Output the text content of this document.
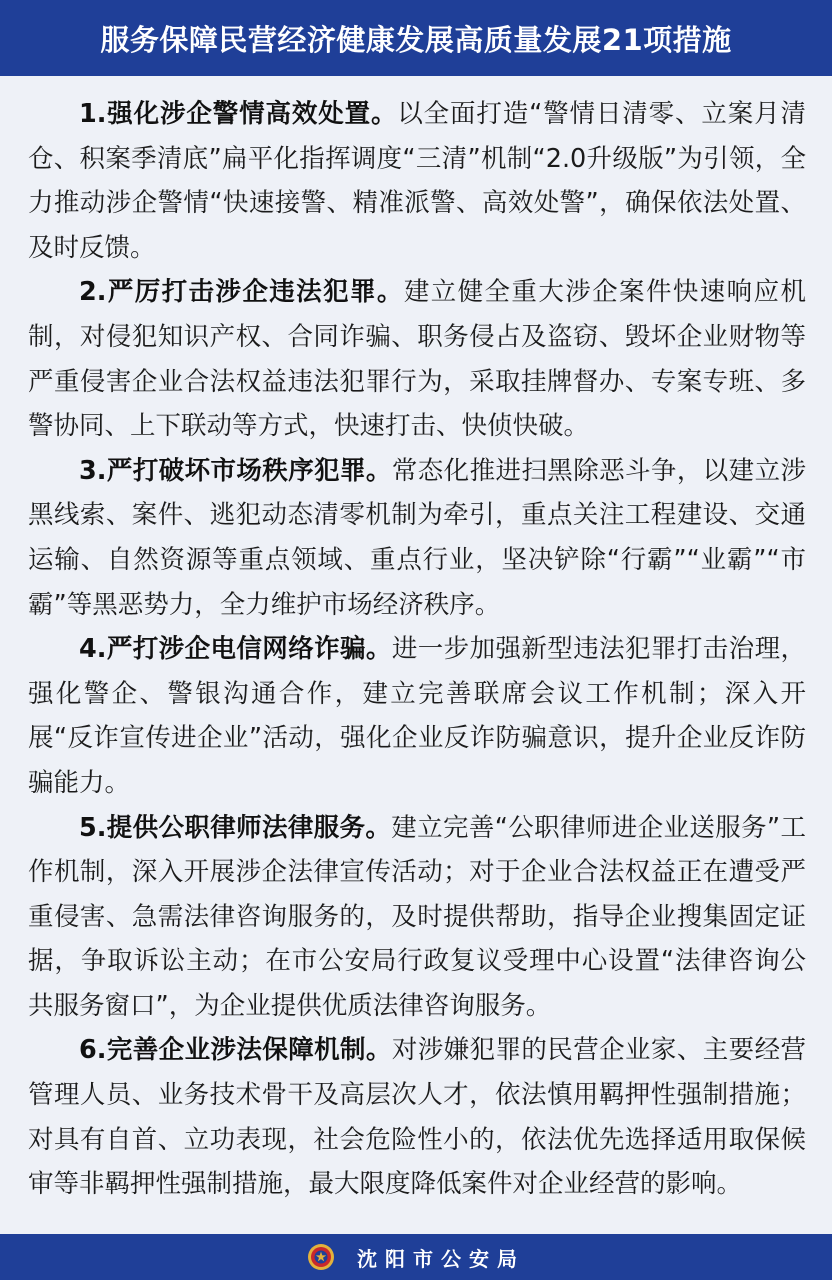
服务保障民营经济健康发展高质量发展21项措施

1.强化涉企警情高效处置。以全面打造“警情日清零、立案月清仓、积案季清底”扁平化指挥调度“三清”机制“2.0升级版”为引领，全力推动涉企警情“快速接警、精准派警、高效处警”，确保依法处置、及时反馈。

2.严厉打击涉企违法犯罪。建立健全重大涉企案件快速响应机制，对侵犯知识产权、合同诈骗、职务侵占及盗窃、毁坏企业财物等严重侵害企业合法权益违法犯罪行为，采取挂牌督办、专案专班、多警协同、上下联动等方式，快速打击、快侦快破。

3.严打破坏市场秩序犯罪。常态化推进扫黑除恶斗争，以建立涉黑线索、案件、逃犯动态清零机制为牵引，重点关注工程建设、交通运输、自然资源等重点领域、重点行业，坚决铲除“行霸”“业霸”“市霸”等黑恶势力，全力维护市场经济秩序。

4.严打涉企电信网络诈骗。进一步加强新型违法犯罪打击治理，强化警企、警银沟通合作，建立完善联席会议工作机制；深入开展“反诈宣传进企业”活动，强化企业反诈防骗意识，提升企业反诈防骗能力。

5.提供公职律师法律服务。建立完善“公职律师进企业送服务”工作机制，深入开展涉企法律宣传活动；对于企业合法权益正在遭受严重侵害、急需法律咨询服务的，及时提供帮助，指导企业搜集固定证据，争取诉讼主动；在市公安局行政复议受理中心设置“法律咨询公共服务窗口”，为企业提供优质法律咨询服务。

6.完善企业涉法保障机制。对涉嫌犯罪的民营企业家、主要经营管理人员、业务技术骨干及高层次人才，依法慎用羁押性强制措施；对具有自首、立功表现，社会危险性小的，依法优先选择适用取保候审等非羁押性强制措施，最大限度降低案件对企业经营的影响。

沈阳市公安局
